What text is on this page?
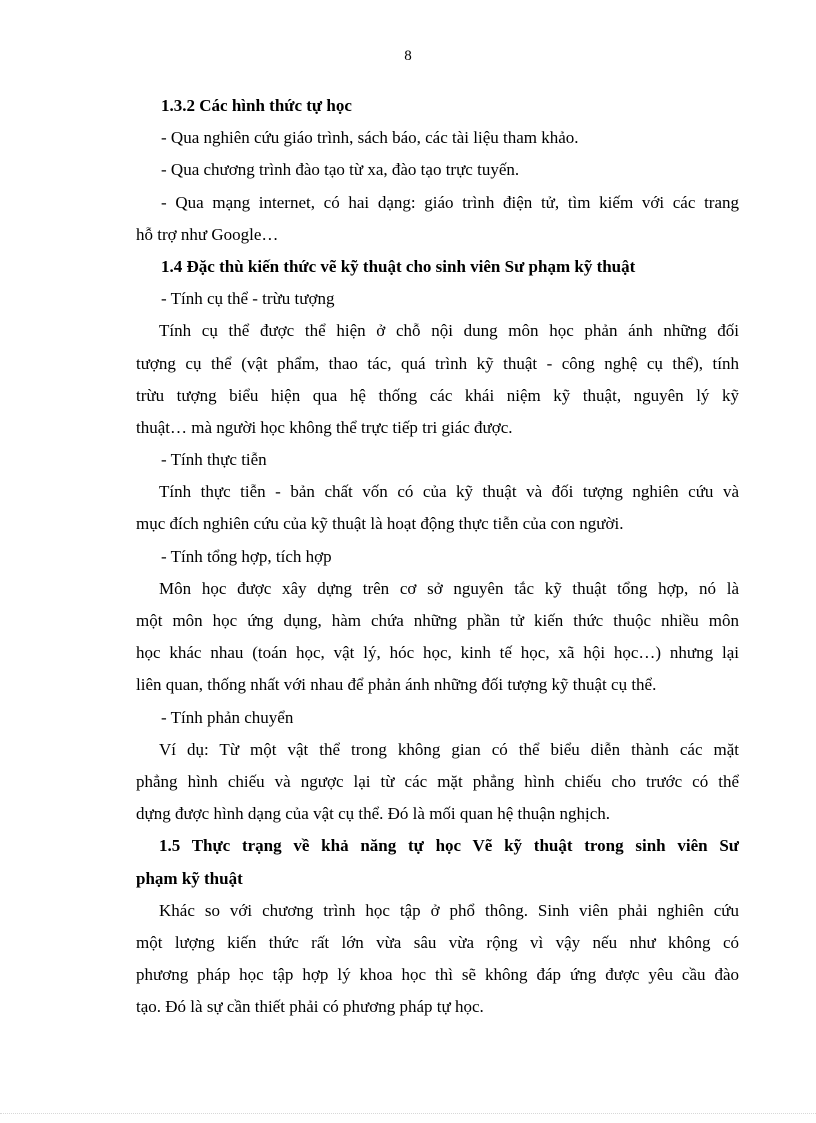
8
1.3.2 Các hình thức tự học
- Qua nghiên cứu giáo trình, sách báo, các tài liệu tham khảo.
- Qua chương trình đào tạo từ xa, đào tạo trực tuyến.
- Qua mạng internet, có hai dạng: giáo trình điện tử, tìm kiếm với các trang
hỗ trợ như Google…
1.4 Đặc thù kiến thức vẽ kỹ thuật cho sinh viên Sư phạm kỹ thuật
- Tính cụ thể - trừu tượng
Tính cụ thể được thể hiện ở chỗ nội dung môn học phản ánh những đối
tượng cụ thể (vật phẩm, thao tác, quá trình kỹ thuật - công nghệ cụ thể), tính
trừu tượng biểu hiện qua hệ thống các khái niệm kỹ thuật, nguyên lý kỹ
thuật… mà người học không thể trực tiếp tri giác được.
- Tính thực tiễn
Tính thực tiễn - bản chất vốn có của kỹ thuật và đối tượng nghiên cứu và
mục đích nghiên cứu của kỹ thuật là hoạt động thực tiễn của con người.
- Tính tổng hợp, tích hợp
Môn học được xây dựng trên cơ sở nguyên tắc kỹ thuật tổng hợp, nó là
một môn học ứng dụng, hàm chứa những phần tử kiến thức thuộc nhiều môn
học khác nhau (toán học, vật lý, hóc học, kinh tế học, xã hội học…) nhưng lại
liên quan, thống nhất với nhau để phản ánh những đối tượng kỹ thuật cụ thể.
- Tính phản chuyển
Ví dụ: Từ một vật thể trong không gian có thể biểu diễn thành các mặt
phẳng hình chiếu và ngược lại từ các mặt phẳng hình chiếu cho trước có thể
dựng được hình dạng của vật cụ thể. Đó là mối quan hệ thuận nghịch.
1.5 Thực trạng về khả năng tự học Vẽ kỹ thuật trong sinh viên Sư
phạm kỹ thuật
Khác so với chương trình học tập ở phổ thông. Sinh viên phải nghiên cứu
một lượng kiến thức rất lớn vừa sâu vừa rộng vì vậy nếu như không có
phương pháp học tập hợp lý khoa học thì sẽ không đáp ứng được yêu cầu đào
tạo. Đó là sự cần thiết phải có phương pháp tự học.
